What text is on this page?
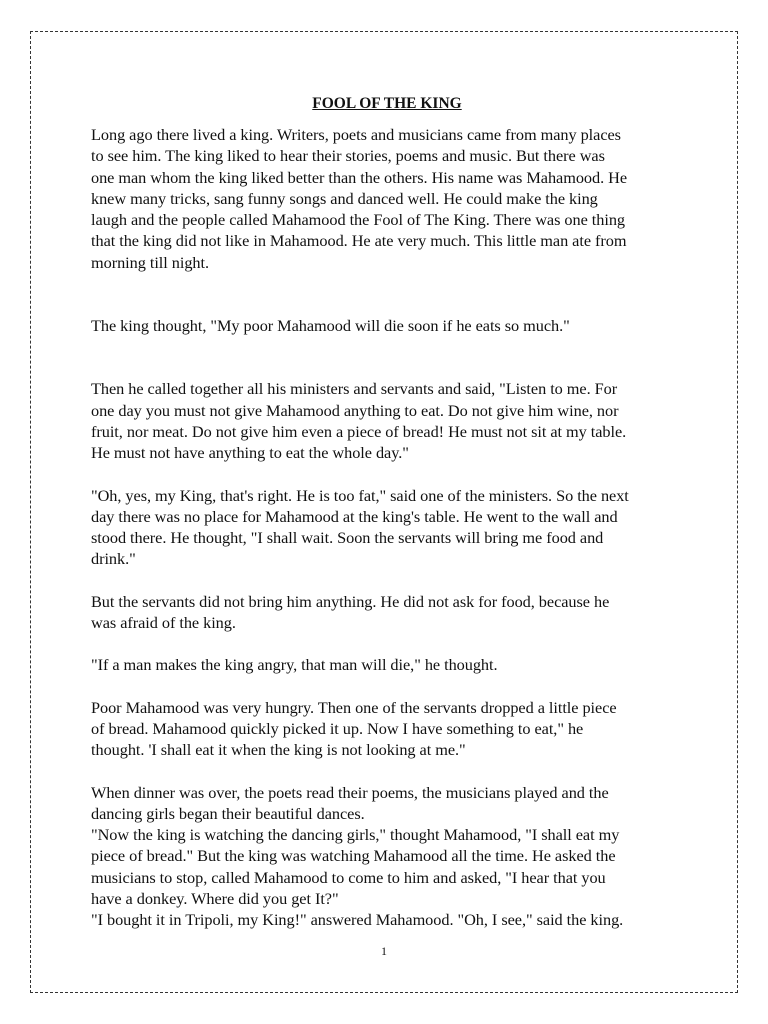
FOOL OF THE KING

Long ago there lived a king. Writers, poets and musicians came from many places
to see him. The king liked to hear their stories, poems and music. But there was
one man whom the king liked better than the others. His name was Mahamood. He
knew many tricks, sang funny songs and danced well. He could make the king
laugh and the people called Mahamood the Fool of The King. There was one thing
that the king did not like in Mahamood. He ate very much. This little man ate from
morning till night.

The king thought, "My poor Mahamood will die soon if he eats so much."

Then he called together all his ministers and servants and said, "Listen to me. For
one day you must not give Mahamood anything to eat. Do not give him wine, nor
fruit, nor meat. Do not give him even a piece of bread! He must not sit at my table.
He must not have anything to eat the whole day."

"Oh, yes, my King, that's right. He is too fat," said one of the ministers. So the next
day there was no place for Mahamood at the king's table. He went to the wall and
stood there. He thought, "I shall wait. Soon the servants will bring me food and
drink."

But the servants did not bring him anything. He did not ask for food, because he
was afraid of the king.

"If a man makes the king angry, that man will die," he thought.

Poor Mahamood was very hungry. Then one of the servants dropped a little piece
of bread. Mahamood quickly picked it up. Now I have something to eat," he
thought. 'I shall eat it when the king is not looking at me."

When dinner was over, the poets read their poems, the musicians played and the
dancing girls began their beautiful dances.
"Now the king is watching the dancing girls," thought Mahamood, "I shall eat my
piece of bread." But the king was watching Mahamood all the time. He asked the
musicians to stop, called Mahamood to come to him and asked, "I hear that you
have a donkey. Where did you get It?"
"I bought it in Tripoli, my King!" answered Mahamood. "Oh, I see," said the king.

1
